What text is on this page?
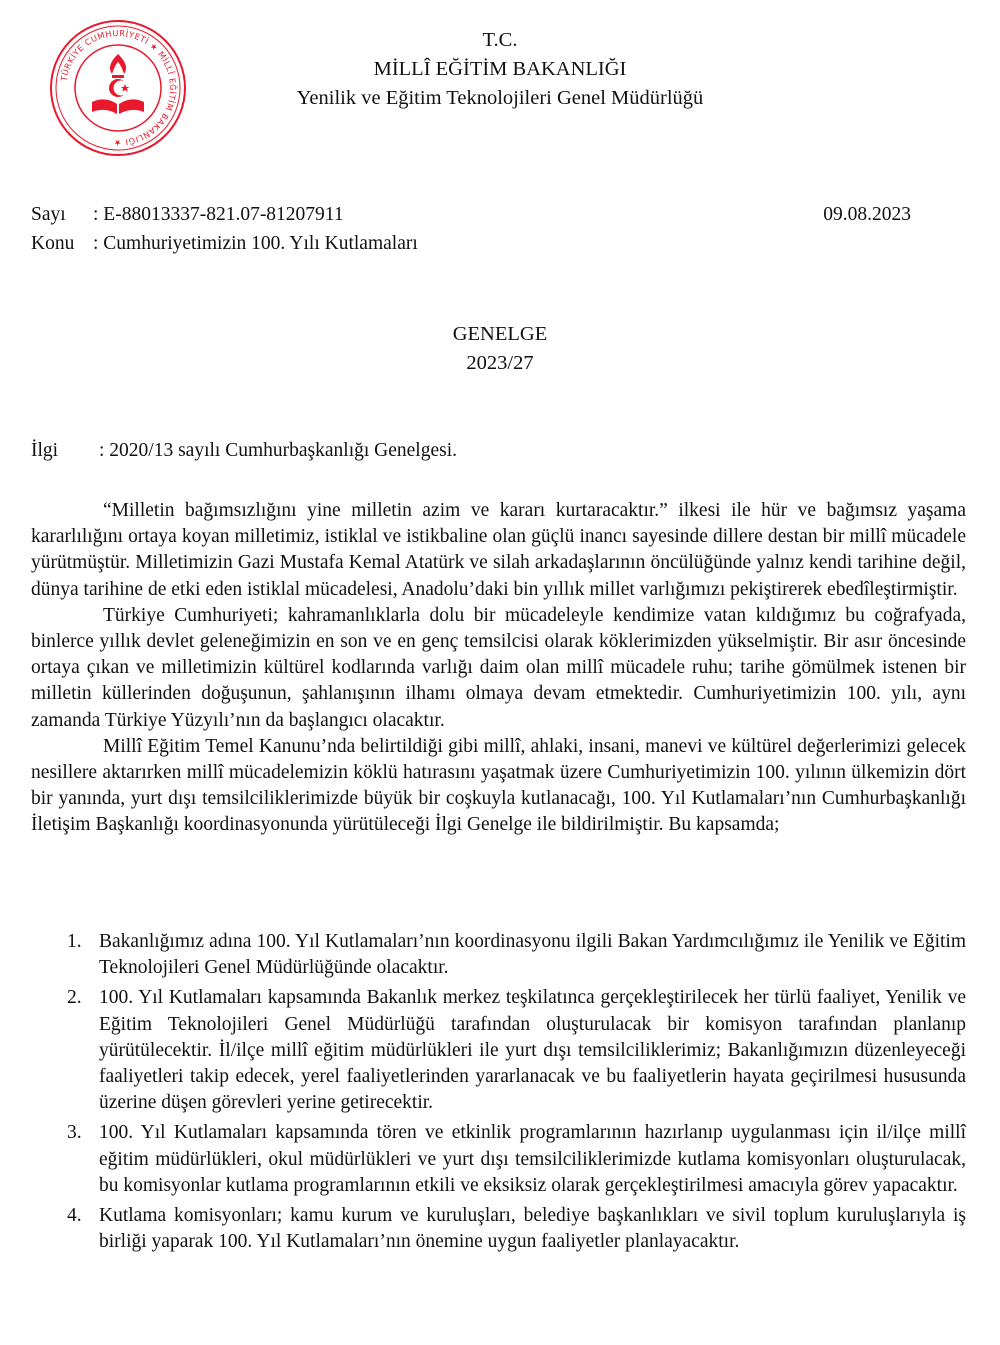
TÜRKİYE CUMHURİYETİ ★ MİLLÎ EĞİTİM BAKANLIĞI ★
T.C.
MİLLÎ EĞİTİM BAKANLIĞI
Yenilik ve Eğitim Teknolojileri Genel Müdürlüğü
Sayı : E-88013337-821.07-81207911	09.08.2023
Konu : Cumhuriyetimizin 100. Yılı Kutlamaları
GENELGE
2023/27
İlgi : 2020/13 sayılı Cumhurbaşkanlığı Genelgesi.

“Milletin bağımsızlığını yine milletin azim ve kararı kurtaracaktır.” ilkesi ile hür ve bağımsız yaşama kararlılığını ortaya koyan milletimiz, istiklal ve istikbaline olan güçlü inancı sayesinde dillere destan bir millî mücadele yürütmüştür. Milletimizin Gazi Mustafa Kemal Atatürk ve silah arkadaşlarının öncülüğünde yalnız kendi tarihine değil, dünya tarihine de etki eden istiklal mücadelesi, Anadolu’daki bin yıllık millet varlığımızı pekiştirerek ebedîleştirmiştir.

Türkiye Cumhuriyeti; kahramanlıklarla dolu bir mücadeleyle kendimize vatan kıldığımız bu coğrafyada, binlerce yıllık devlet geleneğimizin en son ve en genç temsilcisi olarak köklerimizden yükselmiştir. Bir asır öncesinde ortaya çıkan ve milletimizin kültürel kodlarında varlığı daim olan millî mücadele ruhu; tarihe gömülmek istenen bir milletin küllerinden doğuşunun, şahlanışının ilhamı olmaya devam etmektedir. Cumhuriyetimizin 100. yılı, aynı zamanda Türkiye Yüzyılı’nın da başlangıcı olacaktır.

Millî Eğitim Temel Kanunu’nda belirtildiği gibi millî, ahlaki, insani, manevi ve kültürel değerlerimizi gelecek nesillere aktarırken millî mücadelemizin köklü hatırasını yaşatmak üzere Cumhuriyetimizin 100. yılının ülkemizin dört bir yanında, yurt dışı temsilciliklerimizde büyük bir coşkuyla kutlanacağı, 100. Yıl Kutlamaları’nın Cumhurbaşkanlığı İletişim Başkanlığı koordinasyonunda yürütüleceği İlgi Genelge ile bildirilmiştir. Bu kapsamda;

1. Bakanlığımız adına 100. Yıl Kutlamaları’nın koordinasyonu ilgili Bakan Yardımcılığımız ile Yenilik ve Eğitim Teknolojileri Genel Müdürlüğünde olacaktır.
2. 100. Yıl Kutlamaları kapsamında Bakanlık merkez teşkilatınca gerçekleştirilecek her türlü faaliyet, Yenilik ve Eğitim Teknolojileri Genel Müdürlüğü tarafından oluşturulacak bir komisyon tarafından planlanıp yürütülecektir. İl/ilçe millî eğitim müdürlükleri ile yurt dışı temsilciliklerimiz; Bakanlığımızın düzenleyeceği faaliyetleri takip edecek, yerel faaliyetlerinden yararlanacak ve bu faaliyetlerin hayata geçirilmesi hususunda üzerine düşen görevleri yerine getirecektir.
3. 100. Yıl Kutlamaları kapsamında tören ve etkinlik programlarının hazırlanıp uygulanması için il/ilçe millî eğitim müdürlükleri, okul müdürlükleri ve yurt dışı temsilciliklerimizde kutlama komisyonları oluşturulacak, bu komisyonlar kutlama programlarının etkili ve eksiksiz olarak gerçekleştirilmesi amacıyla görev yapacaktır.
4. Kutlama komisyonları; kamu kurum ve kuruluşları, belediye başkanlıkları ve sivil toplum kuruluşlarıyla iş birliği yaparak 100. Yıl Kutlamaları’nın önemine uygun faaliyetler planlayacaktır.
